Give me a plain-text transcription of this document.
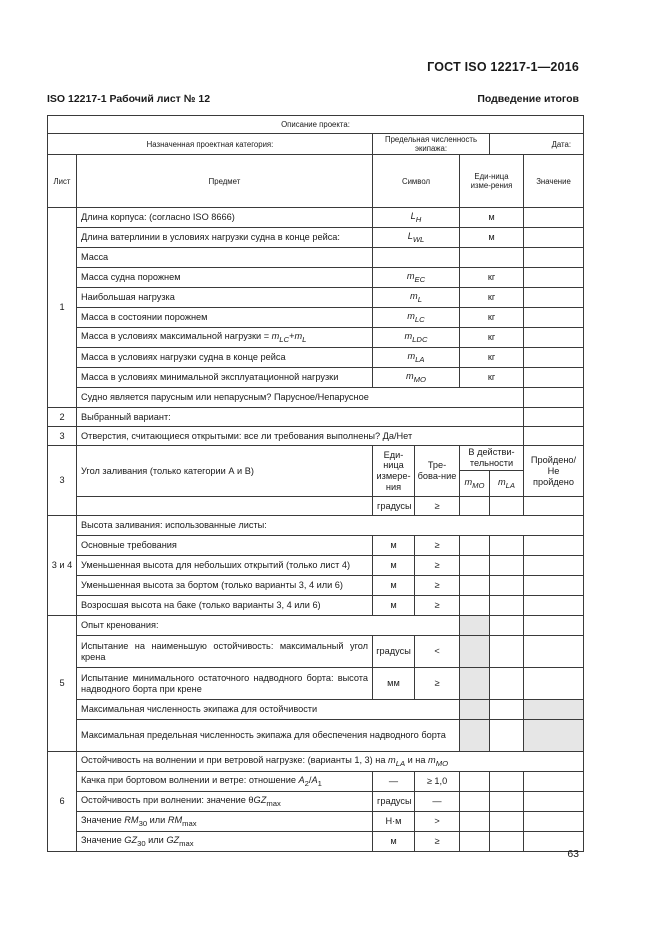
ГОСТ ISO 12217-1—2016
ISO 12217-1 Рабочий лист № 12	Подведение итогов
Описание проекта:						
Назначенная проектная категория:		Предельная численность экипажа:			Дата:	
Лист	Предмет	Символ		Еди-ница изме-рения		Значение
1	Длина корпуса: (согласно ISO 8666)	$L_H$		м		
	Длина ватерлинии в условиях нагрузки судна в конце рейса:	$L_{WL}$		м		
	Масса					
	Масса судна порожнем	$m_{EC}$		кг		
	Наибольшая нагрузка	$m_L$		кг		
	Масса в состоянии порожнем	$m_{LC}$		кг		
	Масса в условиях максимальной нагрузки = $m_{LC}+m_L$	$m_{LDC}$		кг		
	Масса в условиях нагрузки судна в конце рейса	$m_{LA}$		кг		
	Масса в условиях минимальной эксплуатационной нагрузки	$m_{MO}$		кг		
	Судно является парусным или непарусным? Парусное/Непарусное					
2	Выбранный вариант:					
3	Отверстия, считающиеся открытыми: все ли требования выполнены? Да/Нет					
3	Угол заливания (только категории А и В)	Еди-ница измере-ния	Тре-бова-ние	В действи-тельности		Пройдено/ Не пройдено
				$m_{MO}$	$m_{LA}$
		градусы	≥			
3 и 4	Высота заливания: использованные листы:					
	Основные требования	м	≥			
	Уменьшенная высота для небольших открытий (только лист 4)	м	≥			
	Уменьшенная высота за бортом (только варианты 3, 4 или 6)	м	≥			
	Возросшая высота на баке (только варианты 3, 4 или 6)	м	≥			
5	Опыт кренования:					
	Испытание на наименьшую остойчивость: максимальный угол крена	градусы	<			
	Испытание минимального остаточного надводного борта: высота надводного борта при крене	мм	≥			
	Максимальная численность экипажа для остойчивости					
	Максимальная предельная численность экипажа для обеспечения надводного борта					
6	Остойчивость на волнении и при ветровой нагрузке: (варианты 1, 3) на $m_{LA}$ и на $m_{MO}$
	Качка при бортовом волнении и ветре: отношение $A_2/A_1$	—	≥ 1,0			
	Остойчивость при волнении: значение θGZ$_{max}$	градусы	—			
	Значение $RM_{30}$ или $RM_{max}$	Н·м	>			
	Значение $GZ_{30}$ или $GZ_{max}$	м	≥			
63
